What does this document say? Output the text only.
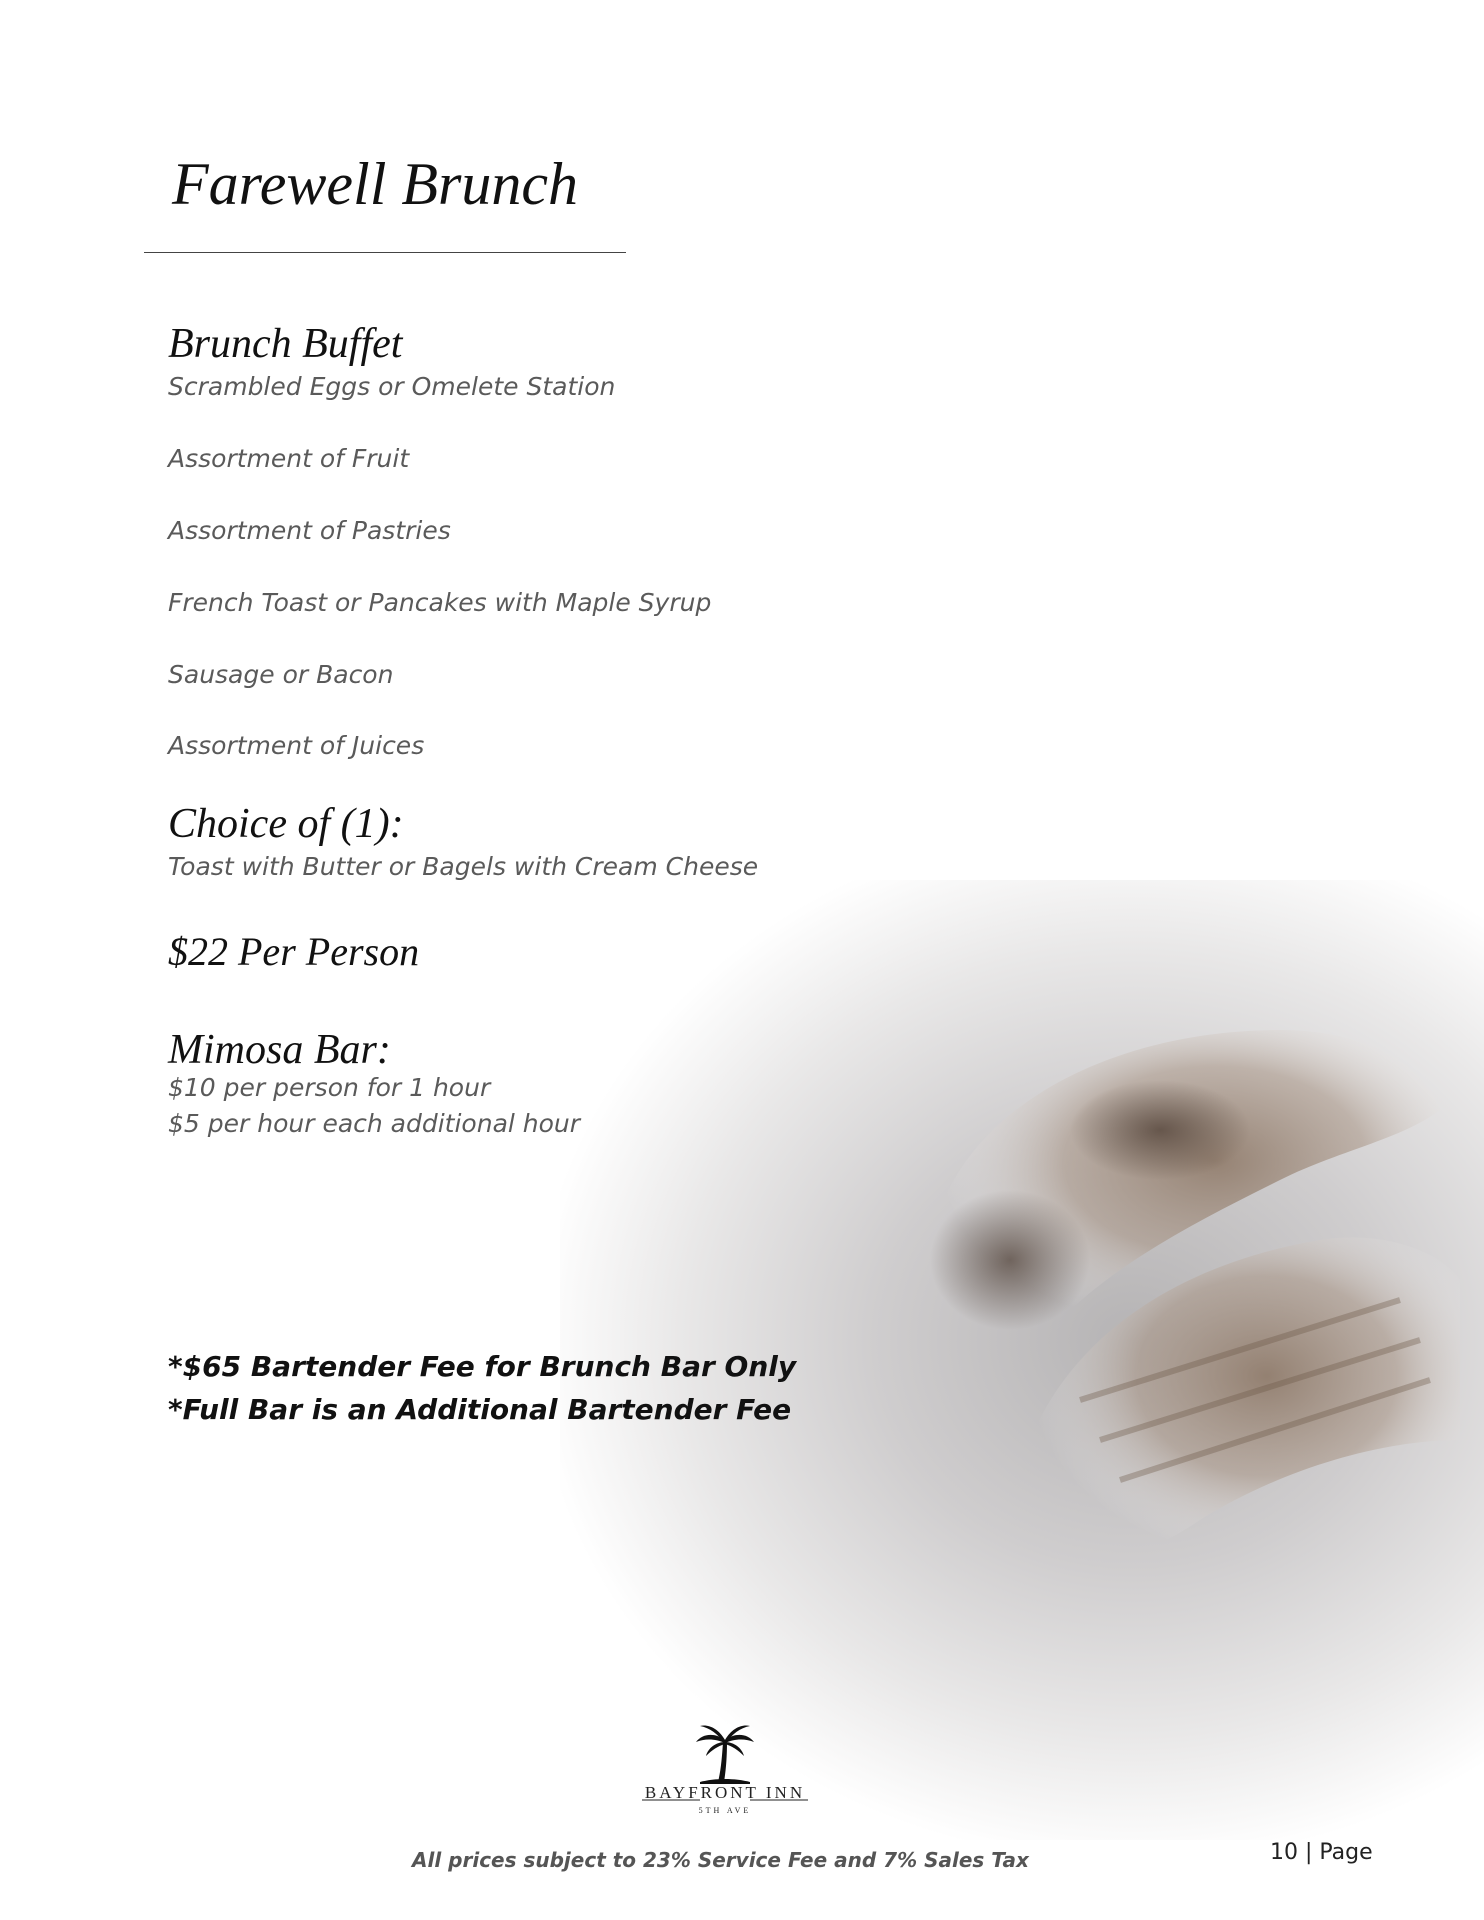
Farewell Brunch
Brunch Buffet
Scrambled Eggs or Omelete Station
Assortment of Fruit
Assortment of Pastries
French Toast or Pancakes with Maple Syrup
Sausage or Bacon
Assortment of Juices
Choice of (1):
Toast with Butter or Bagels with Cream Cheese
$22 Per Person
Mimosa Bar:
$10 per person for 1 hour
$5 per hour each additional hour
*$65 Bartender Fee for Brunch Bar Only
*Full Bar is an Additional Bartender Fee
BAYFRONT INN
5TH AVE
All prices subject to 23% Service Fee and 7% Sales Tax	10 | Page
